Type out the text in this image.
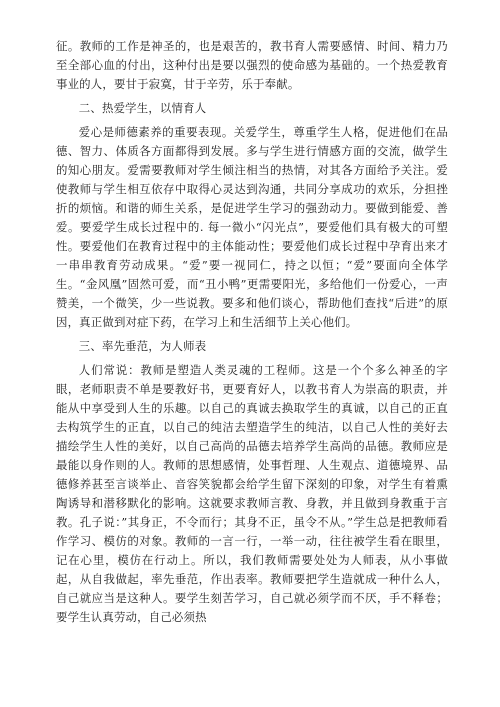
征。教师的工作是神圣的，也是艰苦的，教书育人需要感情、时间、精力乃至全部心血的付出，这种付出是要以强烈的使命感为基础的。一个热爱教育事业的人，要甘于寂寞，甘于辛劳，乐于奉献。

二、热爱学生，以情育人

爱心是师德素养的重要表现。关爱学生，尊重学生人格，促进他们在品德、智力、体质各方面都得到发展。多与学生进行情感方面的交流，做学生的知心朋友。爱需要教师对学生倾注相当的热情，对其各方面给予关注。爱使教师与学生相互依存中取得心灵达到沟通，共同分享成功的欢乐，分担挫折的烦恼。和谐的师生关系，是促进学生学习的强劲动力。要做到能爱、善爱。要爱学生成长过程中的. 每一微小“闪光点”，要爱他们具有极大的可塑性。要爱他们在教育过程中的主体能动性；要爱他们成长过程中孕育出来才一串串教育劳动成果。“爱”要一视同仁，持之以恒；“爱”要面向全体学生。“金风凰”固然可爱，而“丑小鸭”更需要阳光，多给他们一份爱心，一声赞美，一个微笑，少一些说教。要多和他们谈心，帮助他们查找“后进”的原因，真正做到对症下药，在学习上和生活细节上关心他们。

三、率先垂范，为人师表

人们常说：教师是塑造人类灵魂的工程师。这是一个个多么神圣的字眼，老师职责不单是要教好书，更要育好人，以教书育人为崇高的职责，并能从中享受到人生的乐趣。以自己的真诚去换取学生的真诚，以自己的正直去构筑学生的正直，以自己的纯洁去塑造学生的纯洁，以自己人性的美好去描绘学生人性的美好，以自己高尚的品德去培养学生高尚的品德。教师应是最能以身作则的人。教师的思想感情，处事哲理、人生观点、道德境界、品德修养甚至言谈举止、音容笑貌都会给学生留下深刻的印象，对学生有着熏陶诱导和潜移默化的影响。这就要求教师言教、身教，并且做到身教重于言教。孔子说：”其身正，不令而行；其身不正，虽令不从。”学生总是把教师看作学习、模仿的对象。教师的一言一行，一举一动，往往被学生看在眼里，记在心里，模仿在行动上。所以，我们教师需要处处为人师表，从小事做起，从自我做起，率先垂范，作出表率。教师要把学生造就成一种什么人，自己就应当是这种人。要学生刻苦学习，自己就必须学而不厌，手不释卷；要学生认真劳动，自己必须热
